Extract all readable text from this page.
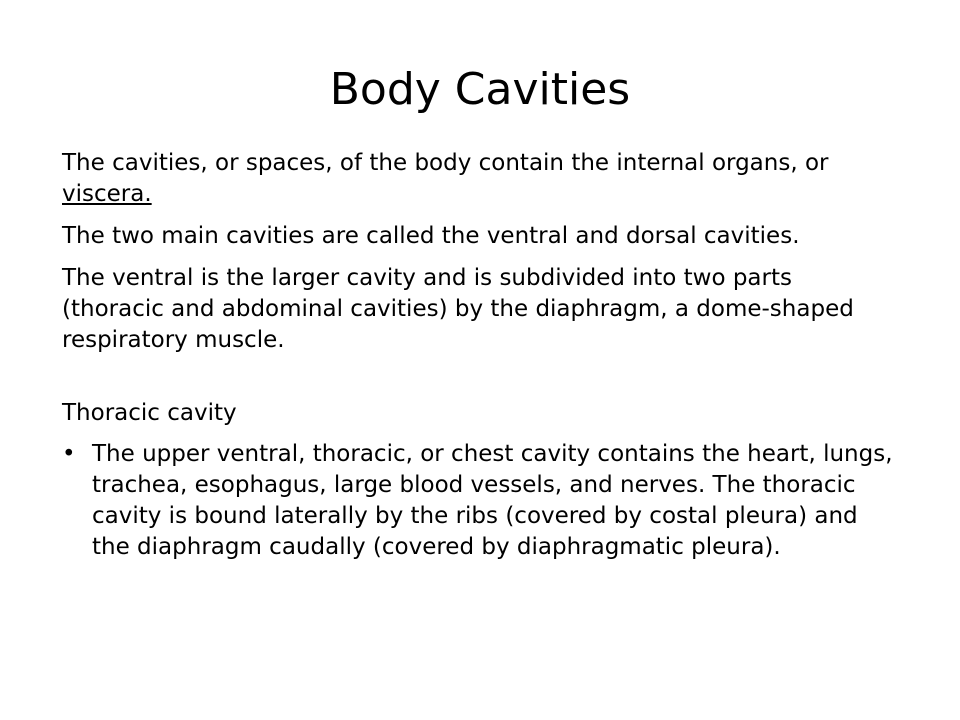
Body Cavities

The cavities, or spaces, of the body contain the internal organs, or viscera.

The two main cavities are called the ventral and dorsal cavities.

The ventral is the larger cavity and is subdivided into two parts (thoracic and abdominal cavities) by the diaphragm, a dome-shaped respiratory muscle.

Thoracic cavity

• The upper ventral, thoracic, or chest cavity contains the heart, lungs, trachea, esophagus, large blood vessels, and nerves. The thoracic cavity is bound laterally by the ribs (covered by costal pleura) and the diaphragm caudally (covered by diaphragmatic pleura).
